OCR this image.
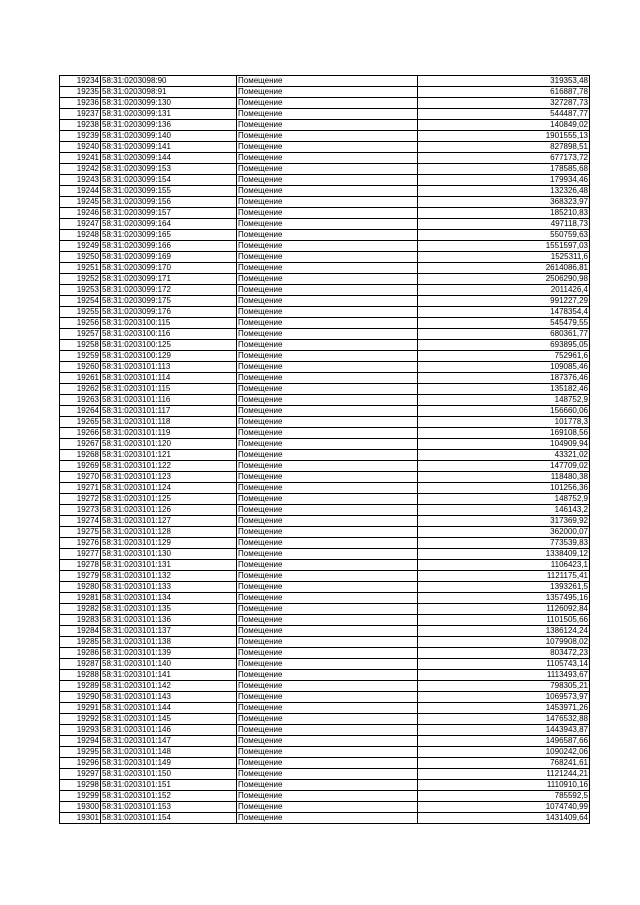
19234	58:31:0203098:90	Помещение	319353,48
19235	58:31:0203098:91	Помещение	616887,78
19236	58:31:0203099:130	Помещение	327287,73
19237	58:31:0203099:131	Помещение	544487,77
19238	58:31:0203099:136	Помещение	140849,02
19239	58:31:0203099:140	Помещение	1901555,13
19240	58:31:0203099:141	Помещение	827898,51
19241	58:31:0203099:144	Помещение	677173,72
19242	58:31:0203099:153	Помещение	178585,68
19243	58:31:0203099:154	Помещение	179934,46
19244	58:31:0203099:155	Помещение	132326,48
19245	58:31:0203099:156	Помещение	368323,97
19246	58:31:0203099:157	Помещение	185210,83
19247	58:31:0203099:164	Помещение	497118,73
19248	58:31:0203099:165	Помещение	550759,63
19249	58:31:0203099:166	Помещение	1551597,03
19250	58:31:0203099:169	Помещение	1525311,6
19251	58:31:0203099:170	Помещение	2614086,81
19252	58:31:0203099:171	Помещение	2506290,98
19253	58:31:0203099:172	Помещение	2011426,4
19254	58:31:0203099:175	Помещение	991227,29
19255	58:31:0203099:176	Помещение	1478354,4
19256	58:31:0203100:115	Помещение	545479,55
19257	58:31:0203100:116	Помещение	680361,77
19258	58:31:0203100:125	Помещение	693895,05
19259	58:31:0203100:129	Помещение	752961,6
19260	58:31:0203101:113	Помещение	109085,46
19261	58:31:0203101:114	Помещение	187376,46
19262	58:31:0203101:115	Помещение	135182,46
19263	58:31:0203101:116	Помещение	148752,9
19264	58:31:0203101:117	Помещение	156660,06
19265	58:31:0203101:118	Помещение	101778,3
19266	58:31:0203101:119	Помещение	169108,56
19267	58:31:0203101:120	Помещение	104909,94
19268	58:31:0203101:121	Помещение	43321,02
19269	58:31:0203101:122	Помещение	147709,02
19270	58:31:0203101:123	Помещение	118480,38
19271	58:31:0203101:124	Помещение	101256,36
19272	58:31:0203101:125	Помещение	148752,9
19273	58:31:0203101:126	Помещение	146143,2
19274	58:31:0203101:127	Помещение	317369,92
19275	58:31:0203101:128	Помещение	362000,07
19276	58:31:0203101:129	Помещение	773539,83
19277	58:31:0203101:130	Помещение	1338409,12
19278	58:31:0203101:131	Помещение	1106423,1
19279	58:31:0203101:132	Помещение	1121175,41
19280	58:31:0203101:133	Помещение	1393261,5
19281	58:31:0203101:134	Помещение	1357495,16
19282	58:31:0203101:135	Помещение	1126092,84
19283	58:31:0203101:136	Помещение	1101505,66
19284	58:31:0203101:137	Помещение	1386124,24
19285	58:31:0203101:138	Помещение	1079908,02
19286	58:31:0203101:139	Помещение	803472,23
19287	58:31:0203101:140	Помещение	1105743,14
19288	58:31:0203101:141	Помещение	1113493,67
19289	58:31:0203101:142	Помещение	798305,21
19290	58:31:0203101:143	Помещение	1069573,97
19291	58:31:0203101:144	Помещение	1453971,26
19292	58:31:0203101:145	Помещение	1476532,88
19293	58:31:0203101:146	Помещение	1443943,87
19294	58:31:0203101:147	Помещение	1496587,66
19295	58:31:0203101:148	Помещение	1090242,06
19296	58:31:0203101:149	Помещение	768241,61
19297	58:31:0203101:150	Помещение	1121244,21
19298	58:31:0203101:151	Помещение	1110910,16
19299	58:31:0203101:152	Помещение	785592,5
19300	58:31:0203101:153	Помещение	1074740,99
19301	58:31:0203101:154	Помещение	1431409,64
